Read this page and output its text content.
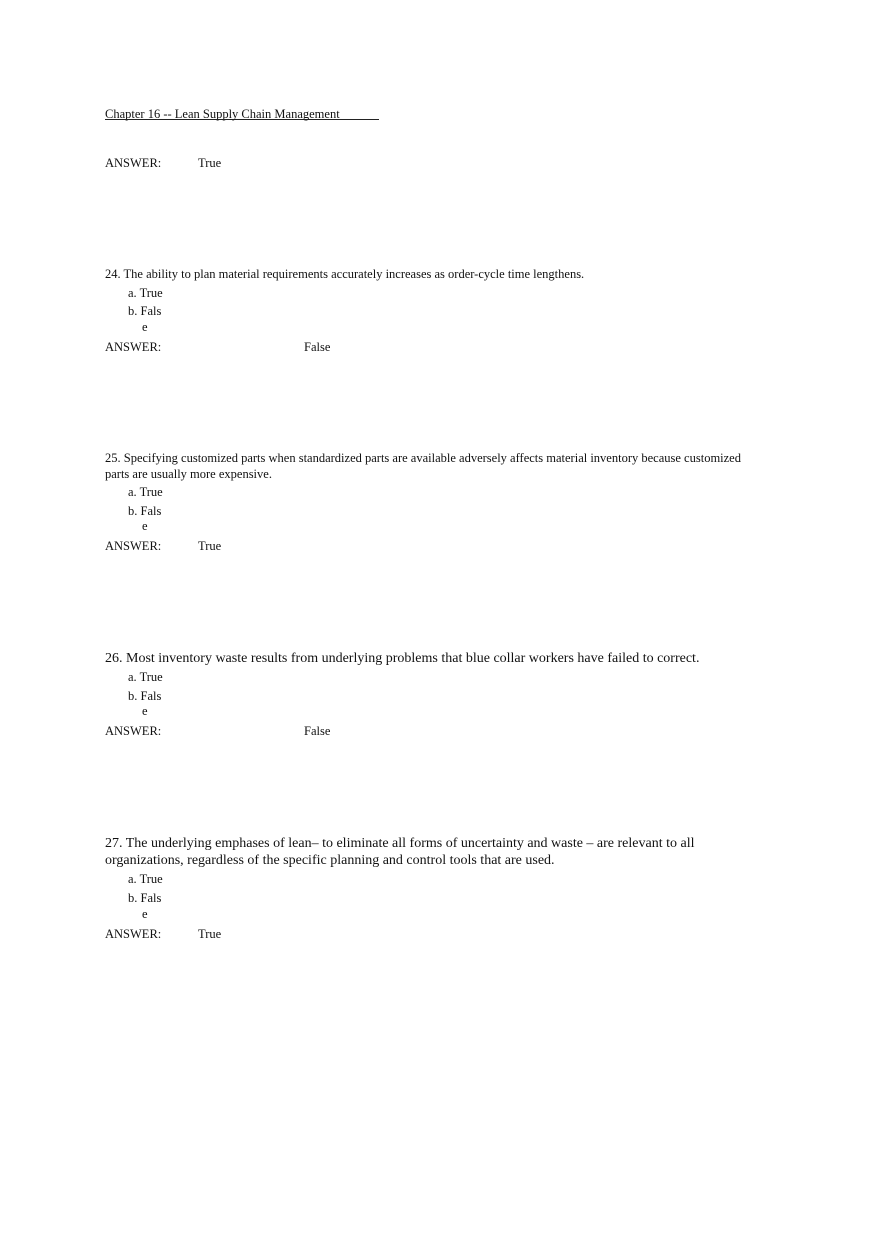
Chapter 16 -- Lean Supply Chain Management
ANSWER:	True
24. The ability to plan material requirements accurately increases as order-cycle time lengthens.
a. True
b. Fals
e
ANSWER:	False
25. Specifying customized parts when standardized parts are available adversely affects material inventory because customized parts are usually more expensive.
a. True
b. Fals
e
ANSWER:	True
26. Most inventory waste results from underlying problems that blue collar workers have failed to correct.
a. True
b. Fals
e
ANSWER:	False
27. The underlying emphases of lean– to eliminate all forms of uncertainty and waste – are relevant to all organizations, regardless of the specific planning and control tools that are used.
a. True
b. Fals
e
ANSWER:	True
